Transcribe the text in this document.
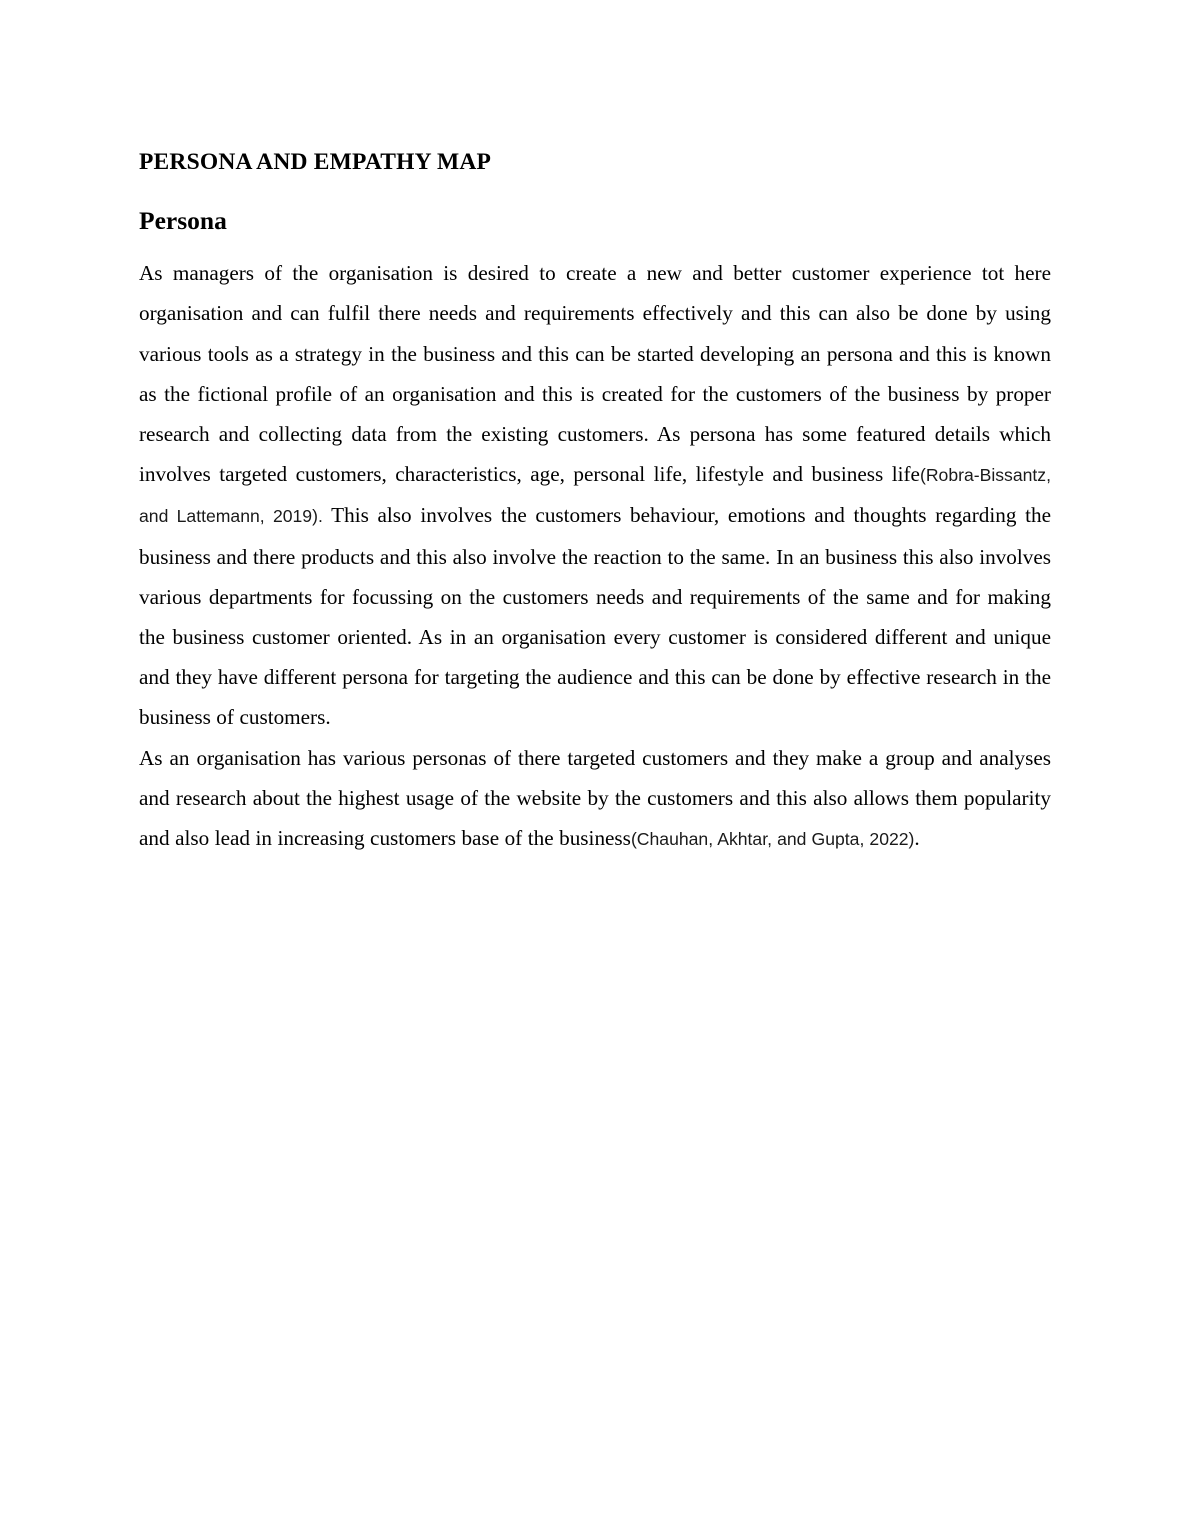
PERSONA AND EMPATHY MAP
Persona

As managers of the organisation is desired to create a new and better customer experience tot here organisation and can fulfil there needs and requirements effectively and this can also be done by using various tools as a strategy in the business and this can be started developing an persona and this is known as the fictional profile of an organisation and this is created for the customers of the business by proper research and collecting data from the existing customers. As persona has some featured details which involves targeted customers, characteristics, age, personal life, lifestyle and business life(Robra-Bissantz, and Lattemann, 2019). This also involves the customers behaviour, emotions and thoughts regarding the business and there products and this also involve the reaction to the same. In an business this also involves various departments for focussing on the customers needs and requirements of the same and for making the business customer oriented. As in an organisation every customer is considered different and unique and they have different persona for targeting the audience and this can be done by effective research in the business of customers.

As an organisation has various personas of there targeted customers and they make a group and analyses and research about the highest usage of the website by the customers and this also allows them popularity and also lead in increasing customers base of the business(Chauhan, Akhtar, and Gupta, 2022).
